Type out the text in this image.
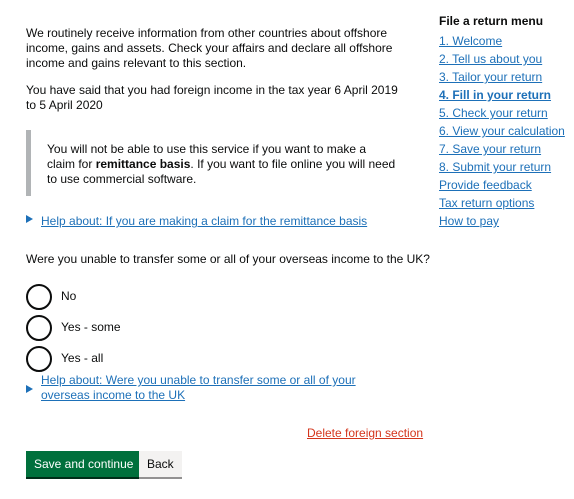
We routinely receive information from other countries about offshore income, gains and assets. Check your affairs and declare all offshore income and gains relevant to this section.

You have said that you had foreign income in the tax year 6 April 2019 to 5 April 2020

You will not be able to use this service if you want to make a claim for remittance basis. If you want to file online you will need to use commercial software.
Help about: If you are making a claim for the remittance basis
Were you unable to transfer some or all of your overseas income to the UK?
No
Yes - some
Yes - all
Help about: Were you unable to transfer some or all of your overseas income to the UK
Delete foreign section
Save and continue	Back
File a return menu
1. Welcome
2. Tell us about you
3. Tailor your return
4. Fill in your return
5. Check your return
6. View your calculation
7. Save your return
8. Submit your return
Provide feedback
Tax return options
How to pay
